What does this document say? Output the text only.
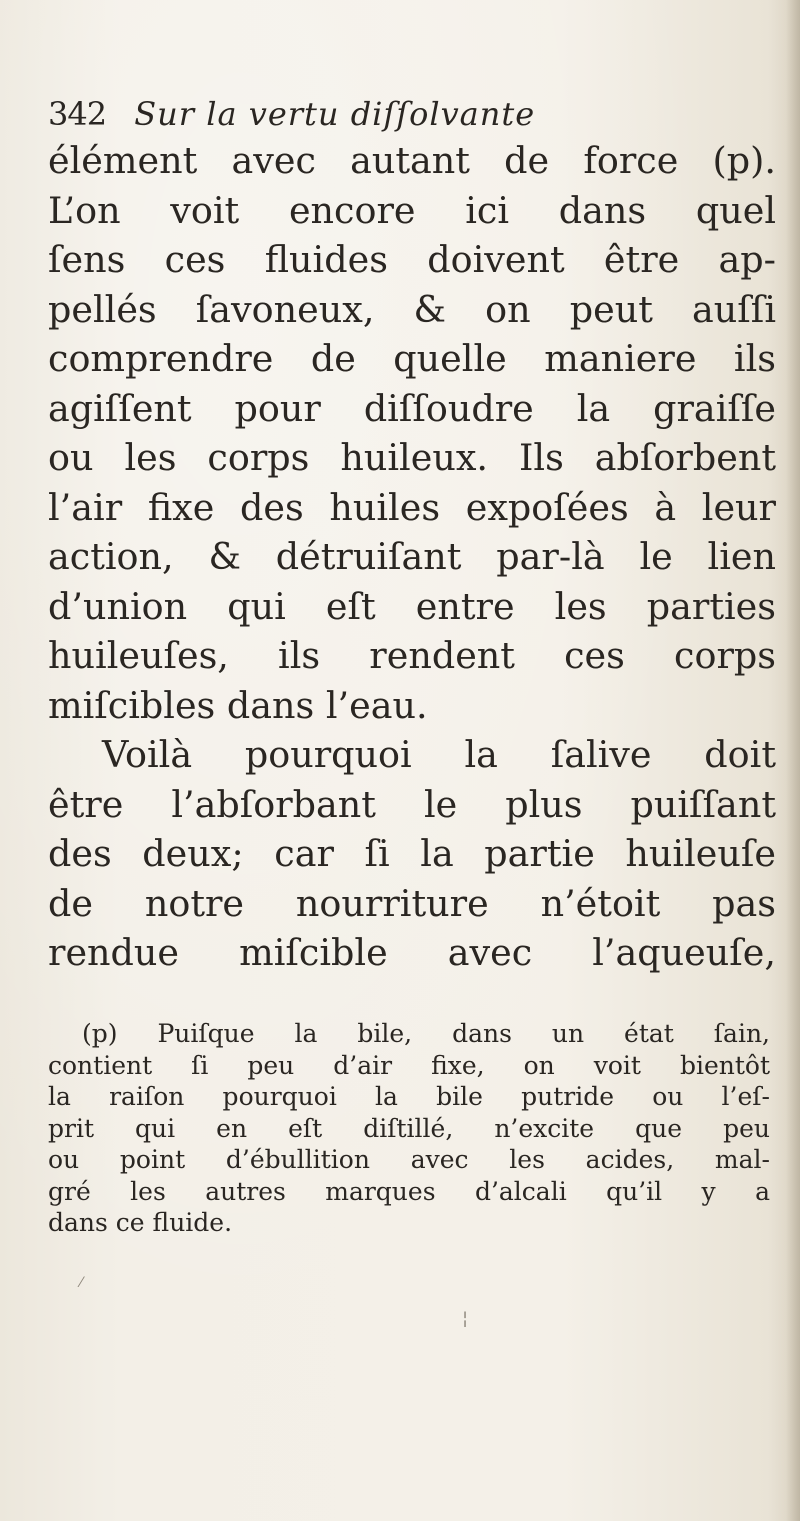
342 Sur la vertu diſſolvante
élément avec autant de force (p).
L’on voit encore ici dans quel
ſens ces fluides doivent être ap-
pellés ſavoneux, & on peut auſſi
comprendre de quelle maniere ils
agiſſent pour diſſoudre la graiſſe
ou les corps huileux. Ils abſorbent
l’air fixe des huiles expoſées à leur
action, & détruiſant par-là le lien
d’union qui eſt entre les parties
huileuſes, ils rendent ces corps
miſcibles dans l’eau.
Voilà pourquoi la ſalive doit
être l’abſorbant le plus puiſſant
des deux; car ſi la partie huileuſe
de notre nourriture n’étoit pas
rendue miſcible avec l’aqueuſe,
(p) Puiſque la bile, dans un état ſain,
contient ſi peu d’air fixe, on voit bientôt
la raiſon pourquoi la bile putride ou l’eſ-
prit qui en eſt diſtillé, n’excite que peu
ou point d’ébullition avec les acides, mal-
gré les autres marques d’alcali qu’il y a
dans ce fluide.
¦
⁄
